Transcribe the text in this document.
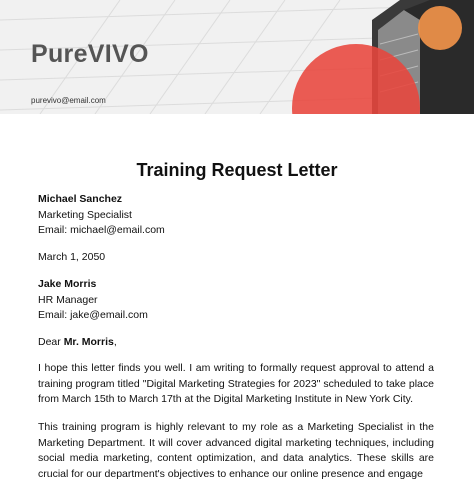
PureVIVO
purevivo@email.com
Training Request Letter
Michael Sanchez
Marketing Specialist
Email: michael@email.com
March 1, 2050
Jake Morris
HR Manager
Email: jake@email.com
Dear Mr. Morris,
I hope this letter finds you well. I am writing to formally request approval to attend a training program titled "Digital Marketing Strategies for 2023" scheduled to take place from March 15th to March 17th at the Digital Marketing Institute in New York City.
This training program is highly relevant to my role as a Marketing Specialist in the Marketing Department. It will cover advanced digital marketing techniques, including social media marketing, content optimization, and data analytics. These skills are crucial for our department's objectives to enhance our online presence and engage
